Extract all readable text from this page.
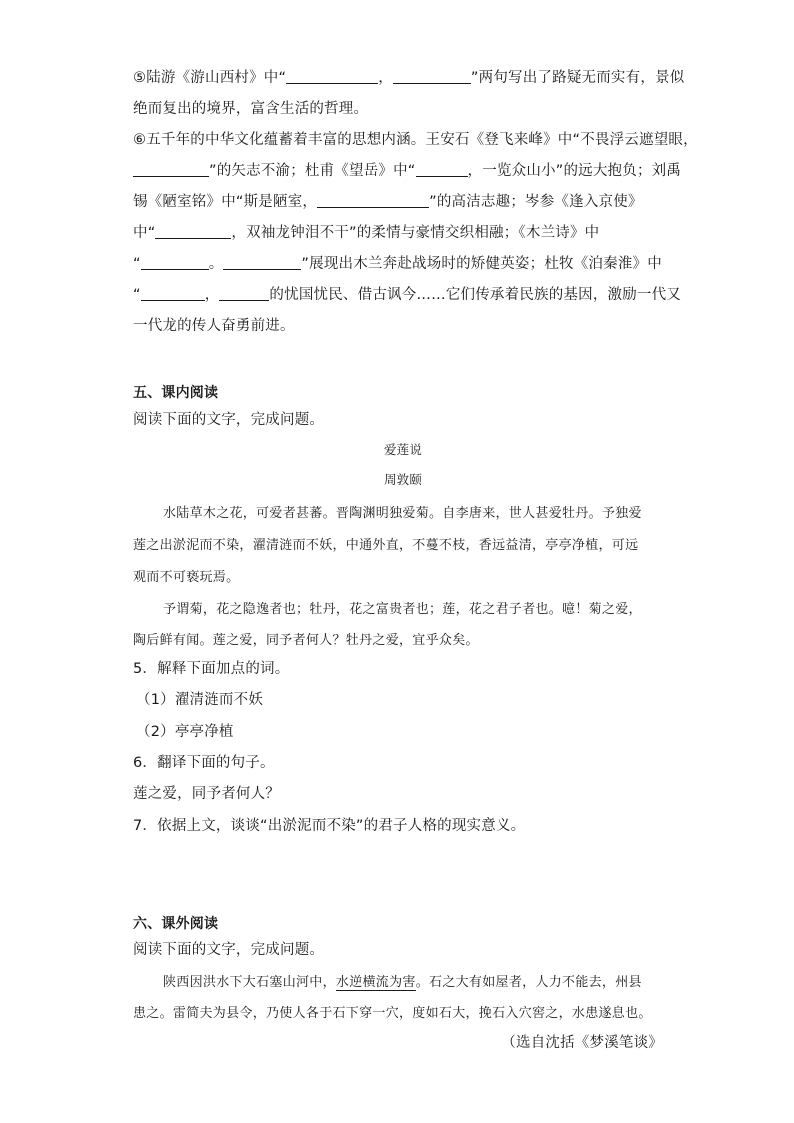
⑤陆游《游山西村》中“	，	”两句写出了路疑无而实有，景似
绝而复出的境界，富含生活的哲理。
⑥五千年的中华文化蕴蓄着丰富的思想内涵。王安石《登飞来峰》中“不畏浮云遮望眼，
”的矢志不渝；杜甫《望岳》中“	，一览众山小”的远大抱负；刘禹
锡《陋室铭》中“斯是陋室，	”的高洁志趣；岑参《逢入京使》
中“	，双袖龙钟泪不干”的柔情与豪情交织相融；《木兰诗》中
“	。	”展现出木兰奔赴战场时的矫健英姿；杜牧《泊秦淮》中
“	，	的忧国忧民、借古讽今……它们传承着民族的基因，激励一代又
一代龙的传人奋勇前进。
五、课内阅读
阅读下面的文字，完成问题。
爱莲说
周敦颐
水陆草木之花，可爱者甚蕃。晋陶渊明独爱菊。自李唐来，世人甚爱牡丹。予独爱
莲之出淤泥而不染，濯清涟而不妖，中通外直，不蔓不枝，香远益清，亭亭净植，可远
观而不可亵玩焉。
予谓菊，花之隐逸者也；牡丹，花之富贵者也；莲，花之君子者也。噫！菊之爱，
陶后鲜有闻。莲之爱，同予者何人？牡丹之爱，宜乎众矣。
5．解释下面加点的词。
（1）濯清涟而不妖
（2）亭亭净植
6．翻译下面的句子。
莲之爱，同予者何人？
7．依据上文，谈谈“出淤泥而不染”的君子人格的现实意义。
六、课外阅读
阅读下面的文字，完成问题。
陕西因洪水下大石塞山河中，水逆横流为害。石之大有如屋者，人力不能去，州县
患之。雷简夫为县令，乃使人各于石下穿一穴，度如石大，挽石入穴窖之，水患遂息也。
（选自沈括《梦溪笔谈》
